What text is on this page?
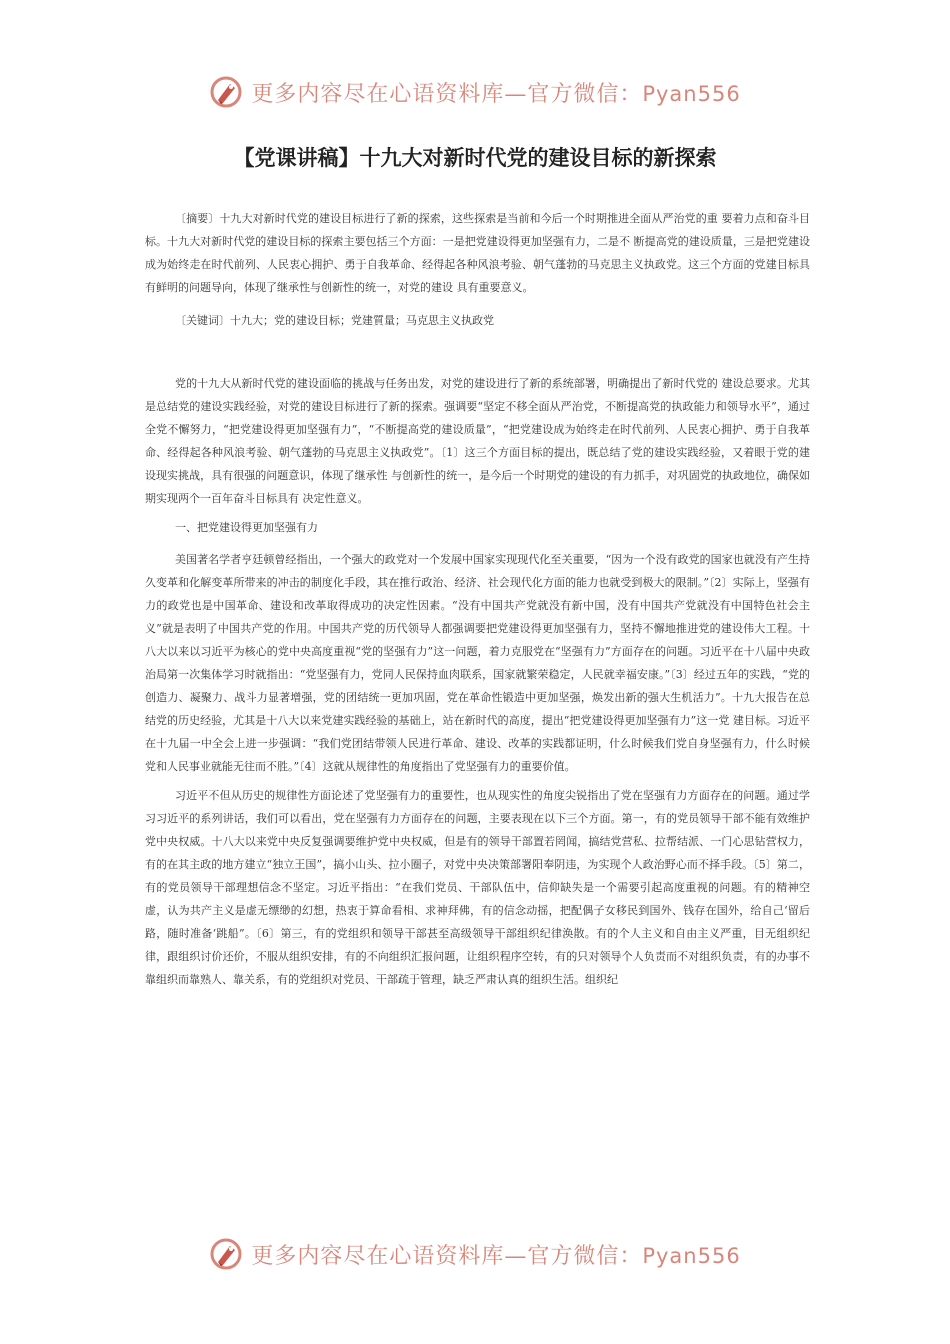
更多内容尽在心语资料库—官方微信：Pyan556
【党课讲稿】十九大对新时代党的建设目标的新探索

〔摘要〕十九大对新时代党的建设目标进行了新的探索，这些探索是当前和今后一个时期推进全面从严治党的重 要着力点和奋斗目标。十九大对新时代党的建设目标的探索主要包括三个方面：一是把党建设得更加坚强有力，二是不 断提高党的建设质量，三是把党建设成为始终走在时代前列、人民衷心拥护、勇于自我革命、经得起各种风浪考验、朝气蓬勃的马克思主义执政党。这三个方面的党建目标具有鲜明的问题导向，体现了继承性与创新性的统一，对党的建设 具有重要意义。

〔关键词〕十九大；党的建设目标；党建質量；马克思主义执政党

党的十九大从新时代党的建设面临的挑战与任务出发，对党的建设进行了新的系统部署，明确提出了新时代党的 建设总要求。尤其是总结党的建设实践经验，对党的建设目标进行了新的探索。强调要“坚定不移全面从严治党，不断提高党的执政能力和领导水平”，通过全党不懈努力，“把党建设得更加坚强有力”，“不断提高党的建设质量”，“把党建设成为始终走在时代前列、人民衷心拥护、勇于自我革命、经得起各种风浪考验、朝气蓬勃的马克思主义执政党”。〔1〕这三个方面目标的提出，既总结了党的建设实践经验，又着眼于党的建设现实挑战，具有很强的问题意识，体现了继承性 与创新性的统一，是今后一个时期党的建设的有力抓手，对巩固党的执政地位，确保如期实现两个一百年奋斗目标具有 决定性意义。

一、把党建设得更加坚强有力

美国著名学者亨廷顿曾经指出，一个强大的政党对一个发展中国家实现现代化至关重要，“因为一个没有政党的国家也就没有产生持久变革和化解变革所带来的冲击的制度化手段，其在推行政治、经济、社会现代化方面的能力也就受到极大的限制。”〔2〕实际上，坚强有力的政党也是中国革命、建设和改革取得成功的决定性因素。“没有中国共产党就没有新中国，没有中国共产党就没有中国特色社会主义”就是表明了中国共产党的作用。中国共产党的历代领导人都强调要把党建设得更加坚强有力，坚持不懈地推进党的建设伟大工程。十八大以来以习近平为核心的党中央高度重视“党的坚强有力”这一问题，着力克服党在“坚强有力”方面存在的问题。习近平在十八届中央政治局第一次集体学习时就指出：“党坚强有力，党同人民保持血肉联系，国家就繁荣稳定，人民就幸福安康。”〔3〕经过五年的实践，“党的创造力、凝聚力、战斗力显著增强，党的团结统一更加巩固，党在革命性锻造中更加坚强，焕发出新的强大生机活力”。十九大报告在总结党的历史经验，尤其是十八大以来党建实践经验的基础上，站在新时代的高度，提出“把党建设得更加坚强有力”这一党 建目标。习近平在十九届一中全会上进一步强调：“我们党团结带领人民进行革命、建设、改革的实践都证明，什么时候我们党自身坚强有力，什么时候党和人民事业就能无往而不胜。”〔4〕这就从规律性的角度指出了党坚强有力的重要价值。

习近平不但从历史的规律性方面论述了党坚强有力的重要性，也从现实性的角度尖锐指出了党在坚强有力方面存在的问题。通过学习习近平的系列讲话，我们可以看出，党在坚强有力方面存在的问题，主要表现在以下三个方面。第一，有的党员领导干部不能有效维护党中央权威。十八大以来党中央反复强调要维护党中央权威，但是有的领导干部置若罔闻，搞结党营私、拉帮结派、一门心思钻营权力，有的在其主政的地方建立“独立王国”，搞小山头、拉小圈子，对党中央决策部署阳奉阴违，为实现个人政治野心而不择手段。〔5〕第二，有的党员领导干部理想信念不坚定。习近平指出：“在我们党员、干部队伍中，信仰缺失是一个需要引起高度重视的问题。有的精神空虚，认为共产主义是虚无缥缈的幻想，热衷于算命看相、求神拜佛，有的信念动摇，把配偶子女移民到国外、钱存在国外，给自己‘留后路，随时准备‘跳船”。〔6〕第三，有的党组织和领导干部甚至高级领导干部组织纪律涣散。有的个人主义和自由主义严重，目无组织纪律，跟组织讨价还价，不服从组织安排，有的不向组织汇报问题，让组织程序空转，有的只对领导个人负责而不对组织负责，有的办事不靠组织而靠熟人、靠关系，有的党组织对党员、干部疏于管理，缺乏严肃认真的组织生活。组织纪

更多内容尽在心语资料库—官方微信：Pyan556
